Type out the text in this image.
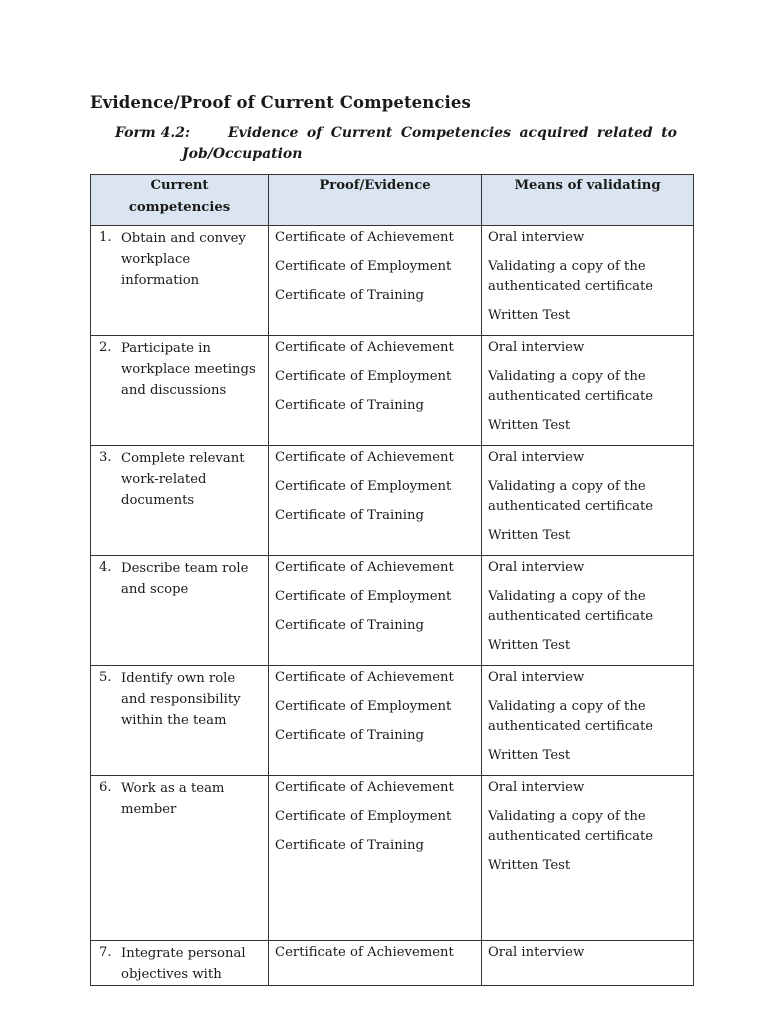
Evidence/Proof of Current Competencies
Form 4.2:	Evidence of Current Competencies acquired related to
Job/Occupation
Current competencies	Proof/Evidence	Means of validating

1. Obtain and convey workplace information	Certificate of Achievement
Certificate of Employment
Certificate of Training	Oral interview
Validating a copy of the authenticated certificate
Written Test

2. Participate in workplace meetings and discussions	Certificate of Achievement
Certificate of Employment
Certificate of Training	Oral interview
Validating a copy of the authenticated certificate
Written Test

3. Complete relevant work-related documents	Certificate of Achievement
Certificate of Employment
Certificate of Training	Oral interview
Validating a copy of the authenticated certificate
Written Test

4. Describe team role and scope	Certificate of Achievement
Certificate of Employment
Certificate of Training	Oral interview
Validating a copy of the authenticated certificate
Written Test

5. Identify own role and responsibility within the team	Certificate of Achievement
Certificate of Employment
Certificate of Training	Oral interview
Validating a copy of the authenticated certificate
Written Test

6. Work as a team member	Certificate of Achievement
Certificate of Employment
Certificate of Training	Oral interview
Validating a copy of the authenticated certificate
Written Test

7. Integrate personal objectives with	Certificate of Achievement	Oral interview
